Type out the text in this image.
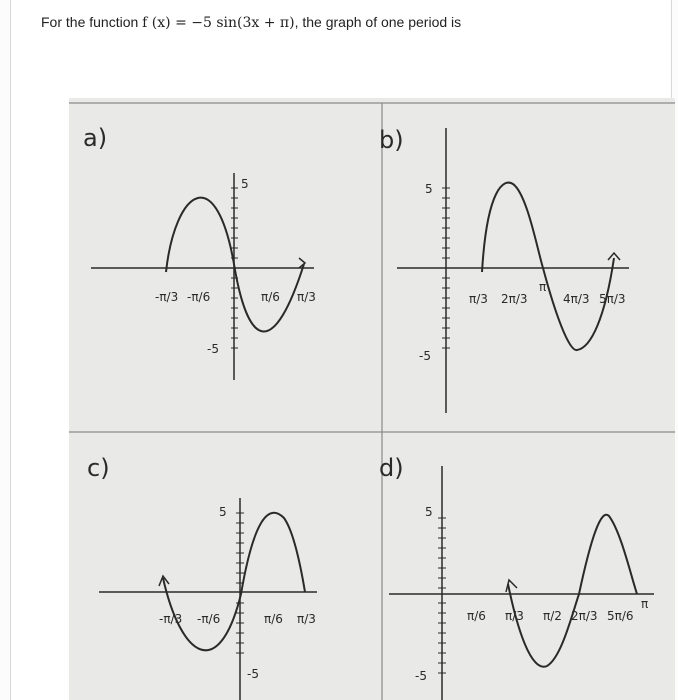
For the function f (x) = −5 sin(3x + π), the graph of one period is
a)
5
-5
-π/3 -π/6	π/6 π/3
b)
5
-5
π/3 2π/3
π
4π/3 5π/3
c)
5
-5
-π/3 -π/6	π/6 π/3
d)
5
-5
π/6 π/3 π/2 2π/3 5π/6
π
